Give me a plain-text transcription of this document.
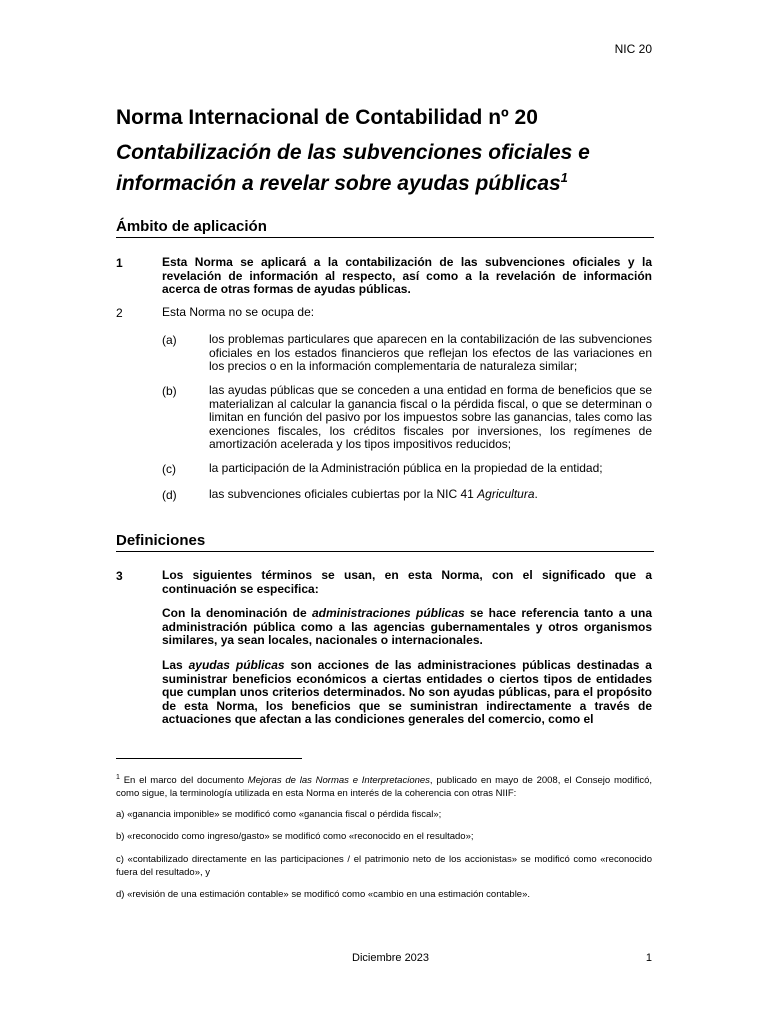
NIC 20
Norma Internacional de Contabilidad nº 20
Contabilización de las subvenciones oficiales e información a revelar sobre ayudas públicas$^1$
Ámbito de aplicación
1	Esta Norma se aplicará a la contabilización de las subvenciones oficiales y la revelación de información al respecto, así como a la revelación de información acerca de otras formas de ayudas públicas.
2	Esta Norma no se ocupa de:
(a)	los problemas particulares que aparecen en la contabilización de las subvenciones oficiales en los estados financieros que reflejan los efectos de las variaciones en los precios o en la información complementaria de naturaleza similar;
(b)	las ayudas públicas que se conceden a una entidad en forma de beneficios que se materializan al calcular la ganancia fiscal o la pérdida fiscal, o que se determinan o limitan en función del pasivo por los impuestos sobre las ganancias, tales como las exenciones fiscales, los créditos fiscales por inversiones, los regímenes de amortización acelerada y los tipos impositivos reducidos;
(c)	la participación de la Administración pública en la propiedad de la entidad;
(d)	las subvenciones oficiales cubiertas por la NIC 41 Agricultura.
Definiciones
3	Los siguientes términos se usan, en esta Norma, con el significado que a continuación se especifica:
Con la denominación de administraciones públicas se hace referencia tanto a una administración pública como a las agencias gubernamentales y otros organismos similares, ya sean locales, nacionales o internacionales.
Las ayudas públicas son acciones de las administraciones públicas destinadas a suministrar beneficios económicos a ciertas entidades o ciertos tipos de entidades que cumplan unos criterios determinados. No son ayudas públicas, para el propósito de esta Norma, los beneficios que se suministran indirectamente a través de actuaciones que afectan a las condiciones generales del comercio, como el
$^1$ En el marco del documento Mejoras de las Normas e Interpretaciones, publicado en mayo de 2008, el Consejo modificó, como sigue, la terminología utilizada en esta Norma en interés de la coherencia con otras NIIF:
a) «ganancia imponible» se modificó como «ganancia fiscal o pérdida fiscal»;
b) «reconocido como ingreso/gasto» se modificó como «reconocido en el resultado»;
c) «contabilizado directamente en las participaciones / el patrimonio neto de los accionistas» se modificó como «reconocido fuera del resultado», y
d) «revisión de una estimación contable» se modificó como «cambio en una estimación contable».
Diciembre 2023	1
